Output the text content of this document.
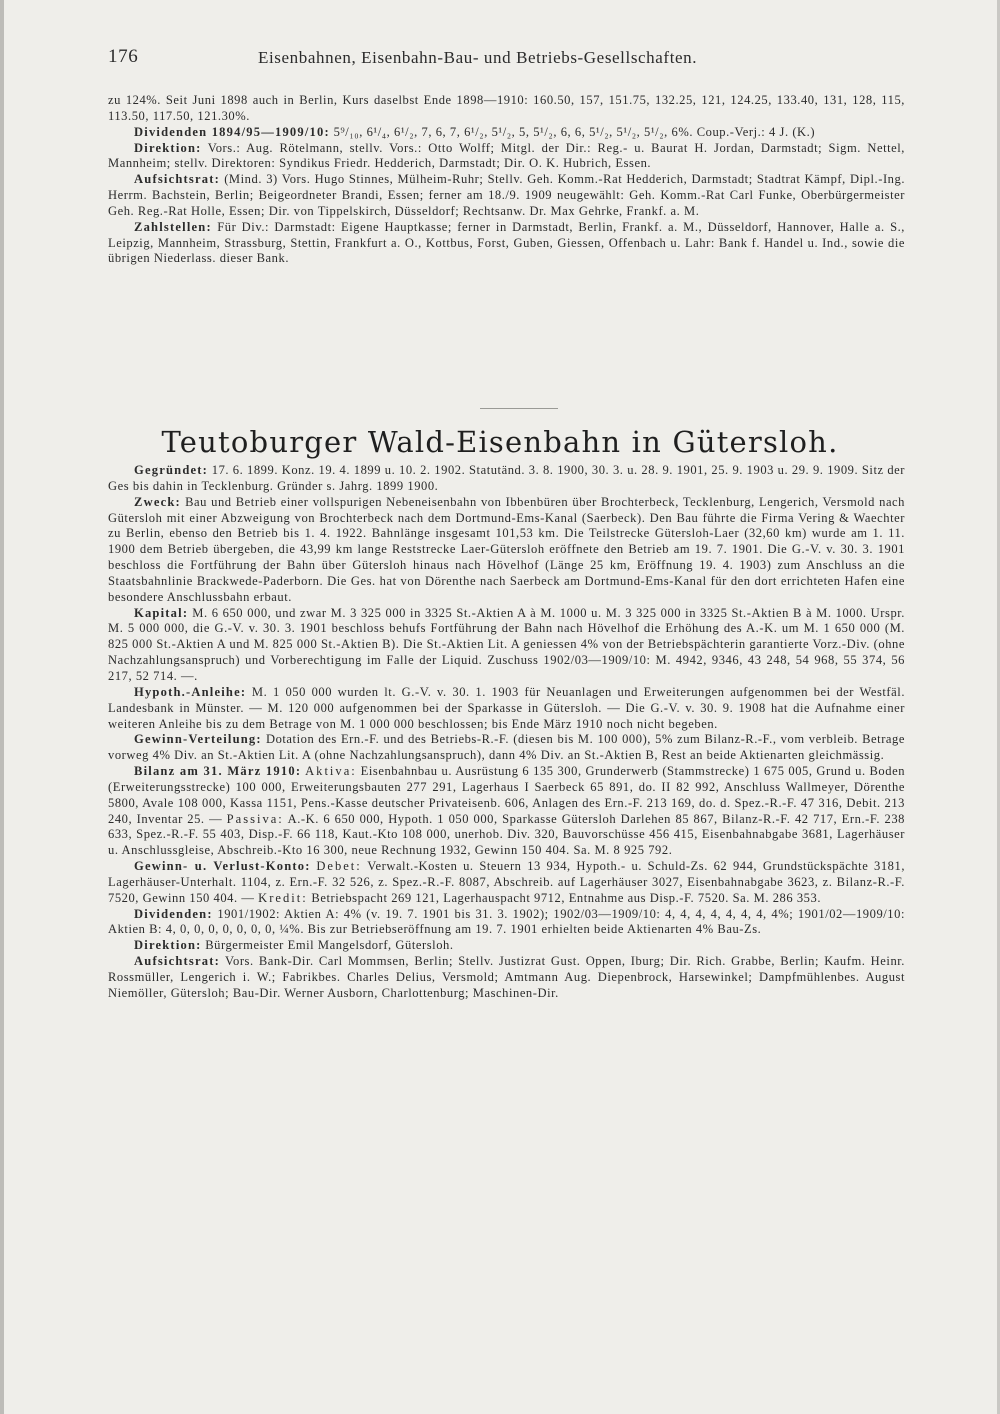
176	Eisenbahnen, Eisenbahn-Bau- und Betriebs-Gesellschaften.

zu 124%. Seit Juni 1898 auch in Berlin, Kurs daselbst Ende 1898—1910: 160.50, 157, 151.75, 132.25, 121, 124.25, 133.40, 131, 128, 115, 113.50, 117.50, 121.30%.

Dividenden 1894/95—1909/10: 5⁹/₁₀, 6¹/₄, 6¹/₂, 7, 6, 7, 6¹/₂, 5¹/₂, 5, 5¹/₂, 6, 6, 5¹/₂, 5¹/₂, 5¹/₂, 6%. Coup.-Verj.: 4 J. (K.)

Direktion: Vors.: Aug. Rötelmann, stellv. Vors.: Otto Wolff; Mitgl. der Dir.: Reg.- u. Baurat H. Jordan, Darmstadt; Sigm. Nettel, Mannheim; stellv. Direktoren: Syndikus Friedr. Hedderich, Darmstadt; Dir. O. K. Hubrich, Essen.

Aufsichtsrat: (Mind. 3) Vors. Hugo Stinnes, Mülheim-Ruhr; Stellv. Geh. Komm.-Rat Hedderich, Darmstadt; Stadtrat Kämpf, Dipl.-Ing. Herrm. Bachstein, Berlin; Beigeordneter Brandi, Essen; ferner am 18./9. 1909 neugewählt: Geh. Komm.-Rat Carl Funke, Oberbürgermeister Geh. Reg.-Rat Holle, Essen; Dir. von Tippelskirch, Düsseldorf; Rechtsanw. Dr. Max Gehrke, Frankf. a. M.

Zahlstellen: Für Div.: Darmstadt: Eigene Hauptkasse; ferner in Darmstadt, Berlin, Frankf. a. M., Düsseldorf, Hannover, Halle a. S., Leipzig, Mannheim, Strassburg, Stettin, Frankfurt a. O., Kottbus, Forst, Guben, Giessen, Offenbach u. Lahr: Bank f. Handel u. Ind., sowie die übrigen Niederlass. dieser Bank.

Teutoburger Wald-Eisenbahn in Gütersloh.

Gegründet: 17. 6. 1899. Konz. 19. 4. 1899 u. 10. 2. 1902. Statutänd. 3. 8. 1900, 30. 3. u. 28. 9. 1901, 25. 9. 1903 u. 29. 9. 1909. Sitz der Ges bis dahin in Tecklenburg. Gründer s. Jahrg. 1899 1900.

Zweck: Bau und Betrieb einer vollspurigen Nebeneisenbahn von Ibbenbüren über Brochterbeck, Tecklenburg, Lengerich, Versmold nach Gütersloh mit einer Abzweigung von Brochterbeck nach dem Dortmund-Ems-Kanal (Saerbeck). Den Bau führte die Firma Vering & Waechter zu Berlin, ebenso den Betrieb bis 1. 4. 1922. Bahnlänge insgesamt 101,53 km. Die Teilstrecke Gütersloh-Laer (32,60 km) wurde am 1. 11. 1900 dem Betrieb übergeben, die 43,99 km lange Reststrecke Laer-Gütersloh eröffnete den Betrieb am 19. 7. 1901. Die G.-V. v. 30. 3. 1901 beschloss die Fortführung der Bahn über Gütersloh hinaus nach Hövelhof (Länge 25 km, Eröffnung 19. 4. 1903) zum Anschluss an die Staatsbahnlinie Brackwede-Paderborn. Die Ges. hat von Dörenthe nach Saerbeck am Dortmund-Ems-Kanal für den dort errichteten Hafen eine besondere Anschlussbahn erbaut.

Kapital: M. 6 650 000, und zwar M. 3 325 000 in 3325 St.-Aktien A à M. 1000 u. M. 3 325 000 in 3325 St.-Aktien B à M. 1000. Urspr. M. 5 000 000, die G.-V. v. 30. 3. 1901 beschloss behufs Fortführung der Bahn nach Hövelhof die Erhöhung des A.-K. um M. 1 650 000 (M. 825 000 St.-Aktien A und M. 825 000 St.-Aktien B). Die St.-Aktien Lit. A geniessen 4% von der Betriebspächterin garantierte Vorz.-Div. (ohne Nachzahlungsanspruch) und Vorberechtigung im Falle der Liquid. Zuschuss 1902/03—1909/10: M. 4942, 9346, 43 248, 54 968, 55 374, 56 217, 52 714. —.

Hypoth.-Anleihe: M. 1 050 000 wurden lt. G.-V. v. 30. 1. 1903 für Neuanlagen und Erweiterungen aufgenommen bei der Westfäl. Landesbank in Münster. — M. 120 000 aufgenommen bei der Sparkasse in Gütersloh. — Die G.-V. v. 30. 9. 1908 hat die Aufnahme einer weiteren Anleihe bis zu dem Betrage von M. 1 000 000 beschlossen; bis Ende März 1910 noch nicht begeben.

Gewinn-Verteilung: Dotation des Ern.-F. und des Betriebs-R.-F. (diesen bis M. 100 000), 5% zum Bilanz-R.-F., vom verbleib. Betrage vorweg 4% Div. an St.-Aktien Lit. A (ohne Nachzahlungsanspruch), dann 4% Div. an St.-Aktien B, Rest an beide Aktienarten gleichmässig.

Bilanz am 31. März 1910: Aktiva: Eisenbahnbau u. Ausrüstung 6 135 300, Grunderwerb (Stammstrecke) 1 675 005, Grund u. Boden (Erweiterungsstrecke) 100 000, Erweiterungsbauten 277 291, Lagerhaus I Saerbeck 65 891, do. II 82 992, Anschluss Wallmeyer, Dörenthe 5800, Avale 108 000, Kassa 1151, Pens.-Kasse deutscher Privateisenb. 606, Anlagen des Ern.-F. 213 169, do. d. Spez.-R.-F. 47 316, Debit. 213 240, Inventar 25. — Passiva: A.-K. 6 650 000, Hypoth. 1 050 000, Sparkasse Gütersloh Darlehen 85 867, Bilanz-R.-F. 42 717, Ern.-F. 238 633, Spez.-R.-F. 55 403, Disp.-F. 66 118, Kaut.-Kto 108 000, unerhob. Div. 320, Bauvorschüsse 456 415, Eisenbahnabgabe 3681, Lagerhäuser u. Anschlussgleise, Abschreib.-Kto 16 300, neue Rechnung 1932, Gewinn 150 404. Sa. M. 8 925 792.

Gewinn- u. Verlust-Konto: Debet: Verwalt.-Kosten u. Steuern 13 934, Hypoth.- u. Schuld-Zs. 62 944, Grundstückspächte 3181, Lagerhäuser-Unterhalt. 1104, z. Ern.-F. 32 526, z. Spez.-R.-F. 8087, Abschreib. auf Lagerhäuser 3027, Eisenbahnabgabe 3623, z. Bilanz-R.-F. 7520, Gewinn 150 404. — Kredit: Betriebspacht 269 121, Lagerhauspacht 9712, Entnahme aus Disp.-F. 7520. Sa. M. 286 353.

Dividenden: 1901/1902: Aktien A: 4% (v. 19. 7. 1901 bis 31. 3. 1902); 1902/03—1909/10: 4, 4, 4, 4, 4, 4, 4, 4%; 1901/02—1909/10: Aktien B: 4, 0, 0, 0, 0, 0, 0, 0, ¼%. Bis zur Betriebseröffnung am 19. 7. 1901 erhielten beide Aktienarten 4% Bau-Zs.

Direktion: Bürgermeister Emil Mangelsdorf, Gütersloh.

Aufsichtsrat: Vors. Bank-Dir. Carl Mommsen, Berlin; Stellv. Justizrat Gust. Oppen, Iburg; Dir. Rich. Grabbe, Berlin; Kaufm. Heinr. Rossmüller, Lengerich i. W.; Fabrikbes. Charles Delius, Versmold; Amtmann Aug. Diepenbrock, Harsewinkel; Dampfmühlenbes. August Niemöller, Gütersloh; Bau-Dir. Werner Ausborn, Charlottenburg; Maschinen-Dir.
